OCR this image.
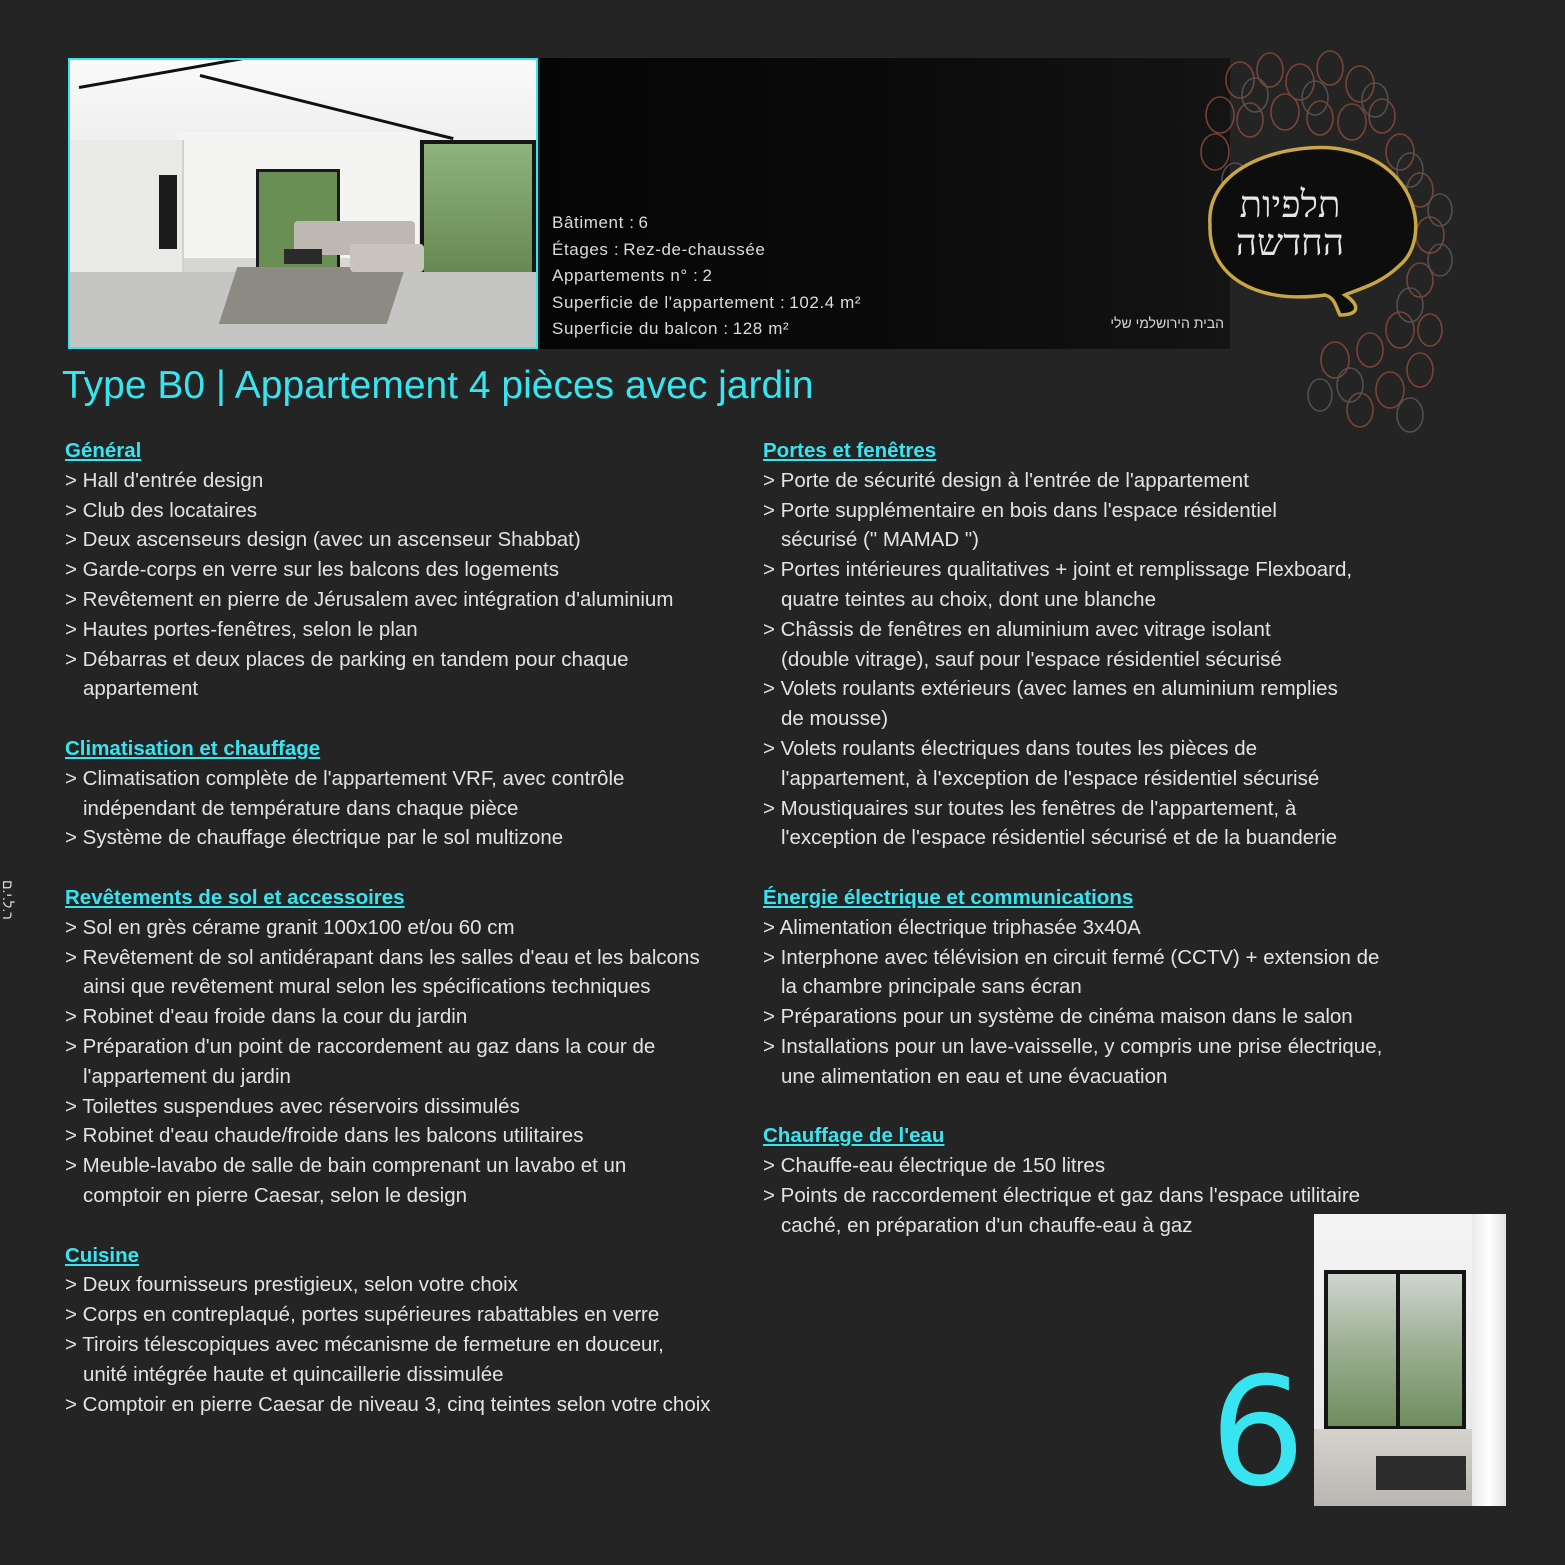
Bâtiment : 6
Étages : Rez-de-chaussée
Appartements n° : 2
Superficie de l'appartement : 102.4 m²
Superficie du balcon : 128 m²
תלפיות
החדשה
הבית הירושלמי שלי
Type B0 | Appartement 4 pièces avec jardin
Général
> Hall d'entrée design
> Club des locataires
> Deux ascenseurs design (avec un ascenseur Shabbat)
> Garde-corps en verre sur les balcons des logements
> Revêtement en pierre de Jérusalem avec intégration d'aluminium
> Hautes portes-fenêtres, selon le plan
> Débarras et deux places de parking en tandem pour chaque
appartement
Climatisation et chauffage
> Climatisation complète de l'appartement VRF, avec contrôle
indépendant de température dans chaque pièce
> Système de chauffage électrique par le sol multizone
Revêtements de sol et accessoires
> Sol en grès cérame granit 100x100 et/ou 60 cm
> Revêtement de sol antidérapant dans les salles d'eau et les balcons
ainsi que revêtement mural selon les spécifications techniques
> Robinet d'eau froide dans la cour du jardin
> Préparation d'un point de raccordement au gaz dans la cour de
l'appartement du jardin
> Toilettes suspendues avec réservoirs dissimulés
> Robinet d'eau chaude/froide dans les balcons utilitaires
> Meuble-lavabo de salle de bain comprenant un lavabo et un
comptoir en pierre Caesar, selon le design
Cuisine
> Deux fournisseurs prestigieux, selon votre choix
> Corps en contreplaqué, portes supérieures rabattables en verre
> Tiroirs télescopiques avec mécanisme de fermeture en douceur,
unité intégrée haute et quincaillerie dissimulée
> Comptoir en pierre Caesar de niveau 3, cinq teintes selon votre choix
Portes et fenêtres
> Porte de sécurité design à l'entrée de l'appartement
> Porte supplémentaire en bois dans l'espace résidentiel
sécurisé (" MAMAD ")
> Portes intérieures qualitatives + joint et remplissage Flexboard,
quatre teintes au choix, dont une blanche
> Châssis de fenêtres en aluminium avec vitrage isolant
(double vitrage), sauf pour l'espace résidentiel sécurisé
> Volets roulants extérieurs (avec lames en aluminium remplies
de mousse)
> Volets roulants électriques dans toutes les pièces de
l'appartement, à l'exception de l'espace résidentiel sécurisé
> Moustiquaires sur toutes les fenêtres de l'appartement, à
l'exception de l'espace résidentiel sécurisé et de la buanderie
Énergie électrique et communications
> Alimentation électrique triphasée 3x40A
> Interphone avec télévision en circuit fermé (CCTV) + extension de
la chambre principale sans écran
> Préparations pour un système de cinéma maison dans le salon
> Installations pour un lave-vaisselle, y compris une prise électrique,
une alimentation en eau et une évacuation
Chauffage de l'eau
> Chauffe-eau électrique de 150 litres
> Points de raccordement électrique et gaz dans l'espace utilitaire
caché, en préparation d'un chauffe-eau à gaz
ר.ל.י.ם
6
